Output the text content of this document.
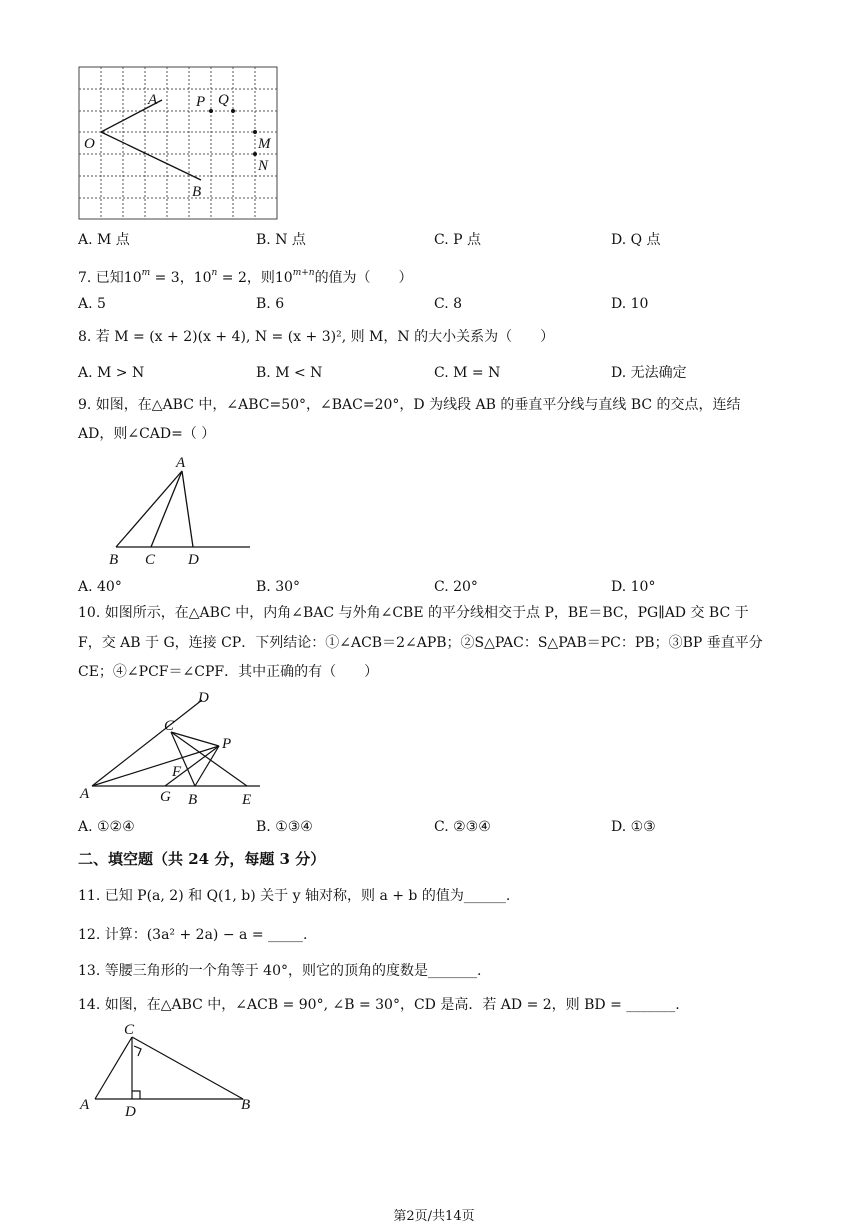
A	P Q
O	M
N
B
A. M 点	B. N 点	C. P 点	D. Q 点
7. 已知$10^m = 3$，$10^n = 2$，则$10^{m+n}$的值为（　　）
A. 5	B. 6	C. 8	D. 10
8. 若 M = (x + 2)(x + 4), N = (x + 3)², 则 M，N 的大小关系为（　　）
A. M > N	B. M < N	C. M = N	D. 无法确定
9. 如图，在△ABC 中，∠ABC=50°，∠BAC=20°，D 为线段 AB 的垂直平分线与直线 BC 的交点，连结
AD，则∠CAD=（ ）
A
B C D
A. 40°	B. 30°	C. 20°	D. 10°
10. 如图所示，在△ABC 中，内角∠BAC 与外角∠CBE 的平分线相交于点 P，BE＝BC，PG∥AD 交 BC 于
F，交 AB 于 G，连接 CP．下列结论：①∠ACB＝2∠APB；②S△PAC：S△PAB＝PC：PB；③BP 垂直平分
CE；④∠PCF＝∠CPF．其中正确的有（　　）
D
C
P
F
A	G B	E
A. ①②④	B. ①③④	C. ②③④	D. ①③
二、填空题（共 24 分，每题 3 分）
11. 已知 P(a, 2) 和 Q(1, b) 关于 y 轴对称，则 a + b 的值为______.
12. 计算：(3a² + 2a) − a = _____.
13. 等腰三角形的一个角等于 40°，则它的顶角的度数是_______.
14. 如图，在△ABC 中，∠ACB = 90°, ∠B = 30°，CD 是高．若 AD = 2，则 BD = _______.
C
A D	B
第2页/共14页
